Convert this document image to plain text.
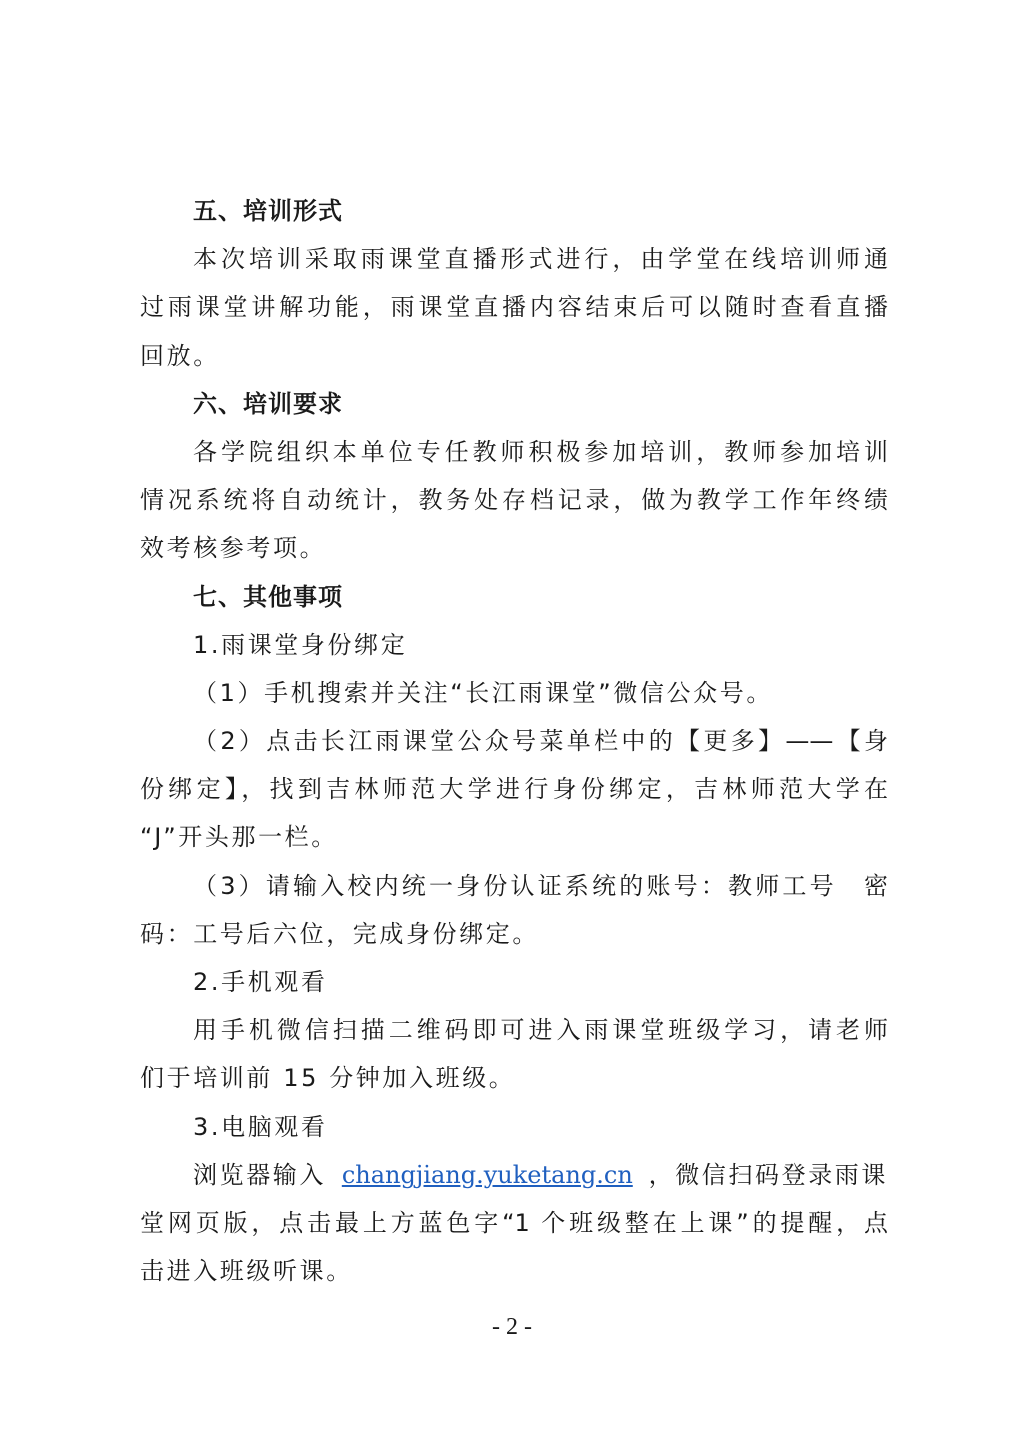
五、培训形式
本次培训采取雨课堂直播形式进行，由学堂在线培训师通
过雨课堂讲解功能，雨课堂直播内容结束后可以随时查看直播
回放。
六、培训要求
各学院组织本单位专任教师积极参加培训，教师参加培训
情况系统将自动统计，教务处存档记录，做为教学工作年终绩
效考核参考项。
七、其他事项
1.雨课堂身份绑定
（1）手机搜索并关注“长江雨课堂”微信公众号。
（2）点击长江雨课堂公众号菜单栏中的【更多】——【身
份绑定】，找到吉林师范大学进行身份绑定，吉林师范大学在
“J”开头那一栏。
（3）请输入校内统一身份认证系统的账号：教师工号　密
码：工号后六位，完成身份绑定。
2.手机观看
用手机微信扫描二维码即可进入雨课堂班级学习，请老师
们于培训前 15 分钟加入班级。
3.电脑观看
浏览器输入 changjiang.yuketang.cn ，微信扫码登录雨课
堂网页版，点击最上方蓝色字“1 个班级整在上课”的提醒，点
击进入班级听课。
- 2 -
